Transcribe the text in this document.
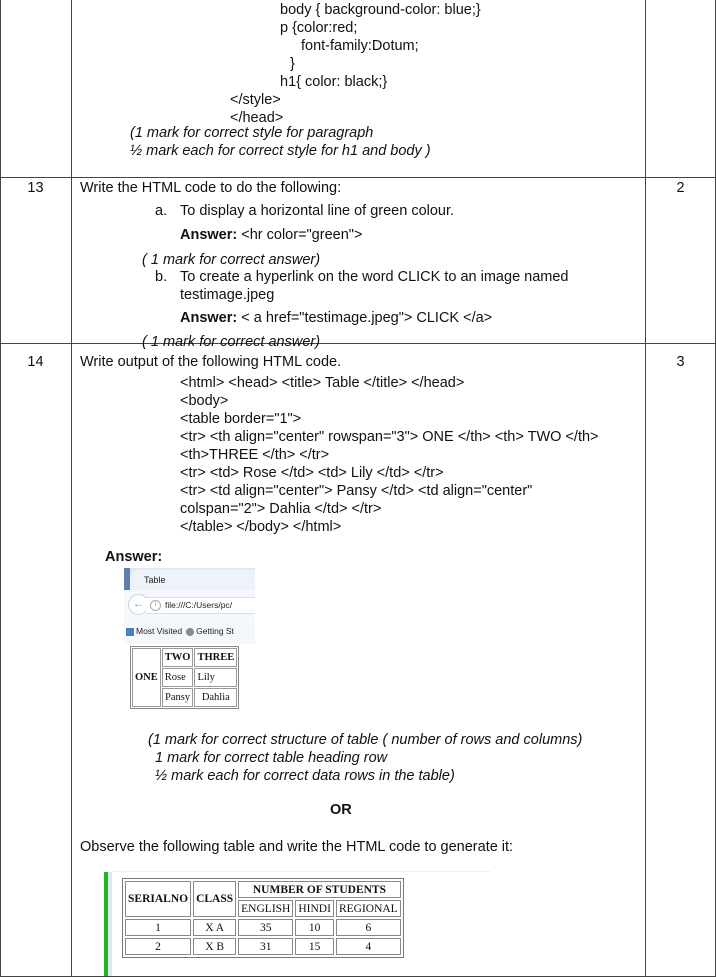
body { background-color: blue;}
p {color:red;
font-family:Dotum;
}
h1{ color: black;}
</style>
</head>
(1 mark for correct style for paragraph
½ mark each for correct style for h1 and body )
13	2
Write the HTML code to do the following:
a. To display a horizontal line of green colour.
Answer: <hr color="green">
( 1 mark for correct answer)
b. To create a hyperlink on the word CLICK to an image named
testimage.jpeg
Answer: < a href="testimage.jpeg"> CLICK </a>
( 1 mark for correct answer)
14	3
Write output of the following HTML code.
<html> <head> <title> Table </title> </head>
<body>
<table border="1">
<tr> <th align="center" rowspan="3"> ONE </th> <th> TWO </th>
<th>THREE </th> </tr>
<tr> <td> Rose </td> <td> Lily </td> </tr>
<tr> <td align="center"> Pansy </td> <td align="center"
colspan="2"> Dahlia </td> </tr>
</table> </body> </html>
Answer:
Table
←	i file:///C:/Users/pc/
Most Visited Getting St
ONE	TWO	THREE
	Rose	Lily
	Pansy	Dahlia
(1 mark for correct structure of table ( number of rows and columns)
1 mark for correct table heading row
½ mark each for correct data rows in the table)
OR
Observe the following table and write the HTML code to generate it:
SERIALNO	CLASS	NUMBER OF STUDENTS		
		ENGLISH	HINDI	REGIONAL
1	X A	35	10	6
2	X B	31	15	4
